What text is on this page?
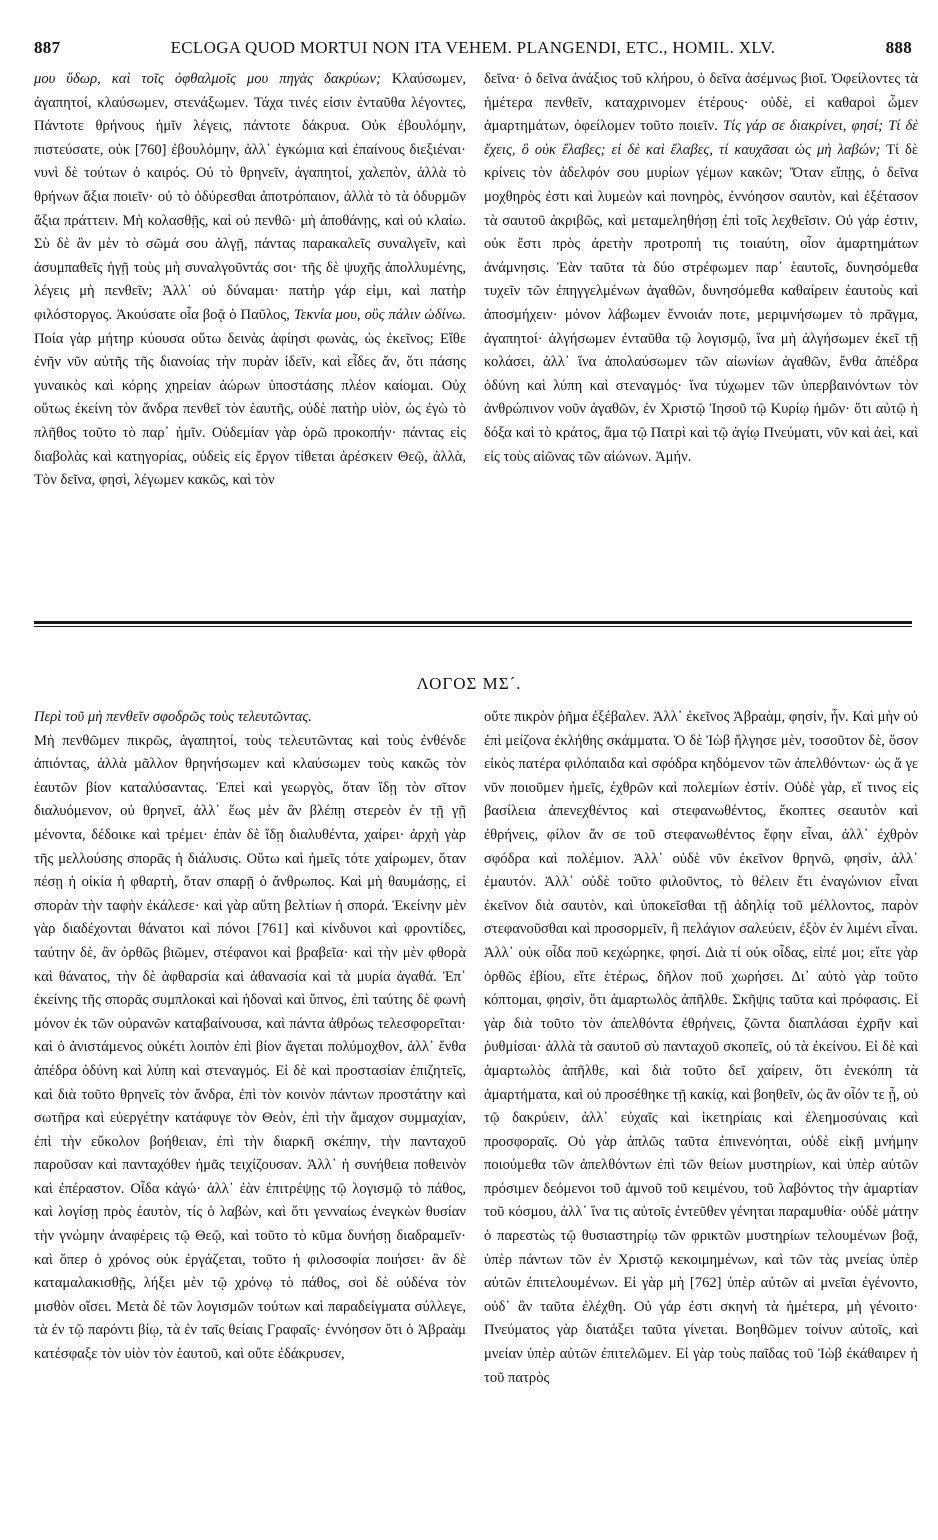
887	ECLOGA QUOD MORTUI NON ITA VEHEM. PLANGENDI, ETC., HOMIL. XLV.	888

μου ὕδωρ, καὶ τοῖς ὀφθαλμοῖς μου πηγὰς δακρύων; Κλαύσωμεν, ἀγαπητοί, κλαύσωμεν, στενάξωμεν. Τάχα τινές εἰσιν ἐνταῦθα λέγοντες, Πάντοτε θρήνους ἡμῖν λέγεις, πάντοτε δάκρυα. Οὐκ ἐβουλόμην, πιστεύσατε, οὐκ [760] ἐβουλόμην, ἀλλ᾽ ἐγκώμια καὶ ἐπαίνους διεξιέναι· νυνὶ δὲ τούτων ὁ καιρός. Οὐ τὸ θρηνεῖν, ἀγαπητοί, χαλεπὸν, ἀλλὰ τὸ θρήνων ἄξια ποιεῖν· οὐ τὸ ὀδύρεσθαι ἀποτρόπαιον, ἀλλὰ τὸ τὰ ὀδυρμῶν ἄξια πράττειν. Μὴ κολασθῇς, καὶ οὐ πενθῶ· μὴ ἀποθάνῃς, καὶ οὐ κλαίω. Σὺ δὲ ἂν μὲν τὸ σῶμά σου ἀλγῇ, πάντας παρακαλεῖς συναλγεῖν, καὶ ἀσυμπαθεῖς ἡγῇ τοὺς μὴ συναλγοῦντάς σοι· τῆς δὲ ψυχῆς ἀπολλυμένης, λέγεις μὴ πενθεῖν; Ἀλλ᾽ οὐ δύναμαι· πατὴρ γάρ εἰμι, καὶ πατὴρ φιλόστοργος. Ἀκούσατε οἷα βοᾷ ὁ Παῦλος, Τεκνία μου, οὓς πάλιν ὠδίνω. Ποία γὰρ μήτηρ κύουσα οὕτω δεινὰς ἀφίησι φωνὰς, ὡς ἐκεῖνος; Εἴθε ἐνῆν νῦν αὐτῆς τῆς διανοίας τὴν πυρὰν ἰδεῖν, καὶ εἶδες ἄν, ὅτι πάσης γυναικὸς καὶ κόρης χηρείαν ἀώρων ὑποστάσης πλέον καίομαι. Οὐχ οὕτως ἐκείνη τὸν ἄνδρα πενθεῖ τὸν ἑαυτῆς, οὐδὲ πατὴρ υἱὸν, ὡς ἐγὼ τὸ πλῆθος τοῦτο τὸ παρ᾽ ἡμῖν. Οὐδεμίαν γὰρ ὁρῶ προκοπήν· πάντας εἰς διαβολὰς καὶ κατηγορίας, οὐδεὶς εἰς ἔργον τίθεται ἀρέσκειν Θεῷ, ἀλλὰ, Τὸν δεῖνα, φησὶ, λέγωμεν κακῶς, καὶ τὸν

δεῖνα· ὁ δεῖνα ἀνάξιος τοῦ κλήρου, ὁ δεῖνα ἀσέμνως βιοῖ. Ὀφείλοντες τὰ ἡμέτερα πενθεῖν, καταχρινομεν ἑτέρους· οὐδὲ, εἰ καθαροὶ ὦμεν ἁμαρτημάτων, ὀφείλομεν τοῦτο ποιεῖν. Τίς γάρ σε διακρίνει, φησί; Τί δὲ ἔχεις, ὃ οὐκ ἔλαβες; εἰ δὲ καὶ ἔλαβες, τί καυχᾶσαι ὡς μὴ λαβών; Τί δὲ κρίνεις τὸν ἀδελφόν σου μυρίων γέμων κακῶν; Ὅταν εἴπῃς, ὁ δεῖνα μοχθηρὸς ἐστι καὶ λυμεὼν καὶ πονηρὸς, ἐννόησον σαυτὸν, καὶ ἐξέτασον τὰ σαυτοῦ ἀκριβῶς, καὶ μεταμεληθήσῃ ἐπὶ τοῖς λεχθεῖσιν. Οὐ γάρ ἐστιν, οὐκ ἔστι πρὸς ἀρετὴν προτροπή τις τοιαύτη, οἷον ἁμαρτημάτων ἀνάμνησις. Ἐὰν ταῦτα τὰ δύο στρέφωμεν παρ᾽ ἑαυτοῖς, δυνησόμεθα τυχεῖν τῶν ἐπηγγελμένων ἀγαθῶν, δυνησόμεθα καθαίρειν ἑαυτοὺς καὶ ἀποσμήχειν· μόνον λάβωμεν ἔννοιάν ποτε, μεριμνήσωμεν τὸ πρᾶγμα, ἀγαπητοί· ἀλγήσωμεν ἐνταῦθα τῷ λογισμῷ, ἵνα μὴ ἀλγήσωμεν ἐκεῖ τῇ κολάσει, ἀλλ᾽ ἵνα ἀπολαύσωμεν τῶν αἰωνίων ἀγαθῶν, ἔνθα ἀπέδρα ὀδύνη καὶ λύπη καὶ στεναγμός· ἵνα τύχωμεν τῶν ὑπερβαινόντων τὸν ἀνθρώπινον νοῦν ἀγαθῶν, ἐν Χριστῷ Ἰησοῦ τῷ Κυρίῳ ἡμῶν· ὅτι αὐτῷ ἡ δόξα καὶ τὸ κράτος, ἅμα τῷ Πατρὶ καὶ τῷ ἁγίῳ Πνεύματι, νῦν καὶ ἀεὶ, καὶ εἰς τοὺς αἰῶνας τῶν αἰώνων. Ἀμήν.

ΛΟΓΟΣ ΜΣ´.

Περὶ τοῦ μὴ πενθεῖν σφοδρῶς τοὺς τελευτῶντας.
Μὴ πενθῶμεν πικρῶς, ἀγαπητοί, τοὺς τελευτῶντας καὶ τοὺς ἐνθένδε ἀπιόντας, ἀλλὰ μᾶλλον θρηνήσωμεν καὶ κλαύσωμεν τοὺς κακῶς τὸν ἑαυτῶν βίον καταλύσαντας. Ἐπεὶ καὶ γεωργὸς, ὅταν ἴδῃ τὸν σῖτον διαλυόμενον, οὐ θρηνεῖ, ἀλλ᾽ ἕως μὲν ἂν βλέπῃ στερεὸν ἐν τῇ γῇ μένοντα, δέδοικε καὶ τρέμει· ἐπὰν δὲ ἴδῃ διαλυθέντα, χαίρει· ἀρχὴ γὰρ τῆς μελλούσης σπορᾶς ἡ διάλυσις. Οὕτω καὶ ἡμεῖς τότε χαίρωμεν, ὅταν πέσῃ ἡ οἰκία ἡ φθαρτὴ, ὅταν σπαρῇ ὁ ἄνθρωπος. Καὶ μὴ θαυμάσῃς, εἰ σπορὰν τὴν ταφὴν ἐκάλεσε· καὶ γὰρ αὕτη βελτίων ἡ σπορά. Ἐκείνην μὲν γὰρ διαδέχονται θάνατοι καὶ πόνοι [761] καὶ κίνδυνοι καὶ φροντίδες, ταύτην δὲ, ἂν ὀρθῶς βιῶμεν, στέφανοι καὶ βραβεῖα· καὶ τὴν μὲν φθορὰ καὶ θάνατος, τὴν δὲ ἀφθαρσία καὶ ἀθανασία καὶ τὰ μυρία ἀγαθά. Ἐπ᾽ ἐκείνης τῆς σπορᾶς συμπλοκαὶ καὶ ἡδοναὶ καὶ ὕπνος, ἐπὶ ταύτης δὲ φωνὴ μόνον ἐκ τῶν οὐρανῶν καταβαίνουσα, καὶ πάντα ἀθρόως τελεσφορεῖται· καὶ ὁ ἀνιστάμενος οὐκέτι λοιπὸν ἐπὶ βίον ἄγεται πολύμοχθον, ἀλλ᾽ ἔνθα ἀπέδρα ὀδύνη καὶ λύπη καὶ στεναγμός. Εἰ δὲ καὶ προστασίαν ἐπιζητεῖς, καὶ διὰ τοῦτο θρηνεῖς τὸν ἄνδρα, ἐπὶ τὸν κοινὸν πάντων προστάτην καὶ σωτῆρα καὶ εὐεργέτην κατάφυγε τὸν Θεὸν, ἐπὶ τὴν ἄμαχον συμμαχίαν, ἐπὶ τὴν εὔκολον βοήθειαν, ἐπὶ τὴν διαρκῆ σκέπην, τὴν πανταχοῦ παροῦσαν καὶ πανταχόθεν ἡμᾶς τειχίζουσαν. Ἀλλ᾽ ἡ συνήθεια ποθεινὸν καὶ ἐπέραστον. Οἶδα κἀγώ· ἀλλ᾽ ἐὰν ἐπιτρέψῃς τῷ λογισμῷ τὸ πάθος, καὶ λογίσῃ πρὸς ἑαυτὸν, τίς ὁ λαβὼν, καὶ ὅτι γενναίως ἐνεγκὼν θυσίαν τὴν γνώμην ἀναφέρεις τῷ Θεῷ, καὶ τοῦτο τὸ κῦμα δυνήσῃ διαδραμεῖν· καὶ ὅπερ ὁ χρόνος οὐκ ἐργάζεται, τοῦτο ἡ φιλοσοφία ποιήσει· ἂν δὲ καταμαλακισθῇς, λήξει μὲν τῷ χρόνῳ τὸ πάθος, σοὶ δὲ οὐδένα τὸν μισθὸν οἴσει. Μετὰ δὲ τῶν λογισμῶν τούτων καὶ παραδείγματα σύλλεγε, τὰ ἐν τῷ παρόντι βίῳ, τὰ ἐν ταῖς θείαις Γραφαῖς· ἐννόησον ὅτι ὁ Ἀβραὰμ κατέσφαξε τὸν υἱὸν τὸν ἑαυτοῦ, καὶ οὔτε ἐδάκρυσεν,

οὔτε πικρὸν ῥῆμα ἐξέβαλεν. Ἀλλ᾽ ἐκεῖνος Ἀβραὰμ, φησίν, ἦν. Καὶ μὴν οὐ ἐπὶ μείζονα ἐκλήθης σκάμματα. Ὁ δὲ Ἰὼβ ἤλγησε μὲν, τοσοῦτον δὲ, ὅσον εἰκὸς πατέρα φιλόπαιδα καὶ σφόδρα κηδόμενον τῶν ἀπελθόντων· ὡς ἅ γε νῦν ποιοῦμεν ἡμεῖς, ἐχθρῶν καὶ πολεμίων ἐστίν. Οὐδὲ γὰρ, εἴ τινος εἰς βασίλεια ἀπενεχθέντος καὶ στεφανωθέντος, ἔκοπτες σεαυτὸν καὶ ἐθρήνεις, φίλον ἄν σε τοῦ στεφανωθέντος ἔφην εἶναι, ἀλλ᾽ ἐχθρὸν σφόδρα καὶ πολέμιον. Ἀλλ᾽ οὐδὲ νῦν ἐκεῖνον θρηνῶ, φησὶν, ἀλλ᾽ ἐμαυτόν. Ἀλλ᾽ οὐδὲ τοῦτο φιλοῦντος, τὸ θέλειν ἔτι ἐναγώνιον εἶναι ἐκεῖνον διὰ σαυτὸν, καὶ ὑποκεῖσθαι τῇ ἀδηλίᾳ τοῦ μέλλοντος, παρὸν στεφανοῦσθαι καὶ προσορμεῖν, ἢ πελάγιον σαλεύειν, ἐξὸν ἐν λιμένι εἶναι. Ἀλλ᾽ οὐκ οἶδα ποῦ κεχώρηκε, φησί. Διὰ τί οὐκ οἶδας, εἰπέ μοι; εἴτε γὰρ ὀρθῶς ἐβίου, εἴτε ἑτέρως, δῆλον ποῦ χωρήσει. Δι᾽ αὐτὸ γὰρ τοῦτο κόπτομαι, φησὶν, ὅτι ἁμαρτωλὸς ἀπῆλθε. Σκῆψις ταῦτα καὶ πρόφασις. Εἰ γὰρ διὰ τοῦτο τὸν ἀπελθόντα ἐθρήνεις, ζῶντα διαπλάσαι ἐχρῆν καὶ ῥυθμίσαι· ἀλλὰ τὰ σαυτοῦ σὺ πανταχοῦ σκοπεῖς, οὐ τὰ ἐκείνου. Εἰ δὲ καὶ ἁμαρτωλὸς ἀπῆλθε, καὶ διὰ τοῦτο δεῖ χαίρειν, ὅτι ἐνεκόπη τὰ ἁμαρτήματα, καὶ οὐ προσέθηκε τῇ κακίᾳ, καὶ βοηθεῖν, ὡς ἂν οἷόν τε ᾖ, οὐ τῷ δακρύειν, ἀλλ᾽ εὐχαῖς καὶ ἱκετηρίαις καὶ ἐλεημοσύναις καὶ προσφοραῖς. Οὐ γὰρ ἁπλῶς ταῦτα ἐπινενόηται, οὐδὲ εἰκῇ μνήμην ποιούμεθα τῶν ἀπελθόντων ἐπὶ τῶν θείων μυστηρίων, καὶ ὑπὲρ αὐτῶν πρόσιμεν δεόμενοι τοῦ ἀμνοῦ τοῦ κειμένου, τοῦ λαβόντος τὴν ἁμαρτίαν τοῦ κόσμου, ἀλλ᾽ ἵνα τις αὐτοῖς ἐντεῦθεν γένηται παραμυθία· οὐδὲ μάτην ὁ παρεστὼς τῷ θυσιαστηρίῳ τῶν φρικτῶν μυστηρίων τελουμένων βοᾷ, ὑπὲρ πάντων τῶν ἐν Χριστῷ κεκοιμημένων, καὶ τῶν τὰς μνείας ὑπὲρ αὐτῶν ἐπιτελουμένων. Εἰ γὰρ μὴ [762] ὑπὲρ αὐτῶν αἱ μνεῖαι ἐγένοντο, οὐδ᾽ ἂν ταῦτα ἐλέχθη. Οὐ γάρ ἐστι σκηνὴ τὰ ἡμέτερα, μὴ γένοιτο· Πνεύματος γὰρ διατάξει ταῦτα γίνεται. Βοηθῶμεν τοίνυν αὐτοῖς, καὶ μνείαν ὑπὲρ αὐτῶν ἐπιτελῶμεν. Εἰ γὰρ τοὺς παῖδας τοῦ Ἰὼβ ἐκάθαιρεν ἡ τοῦ πατρὸς
